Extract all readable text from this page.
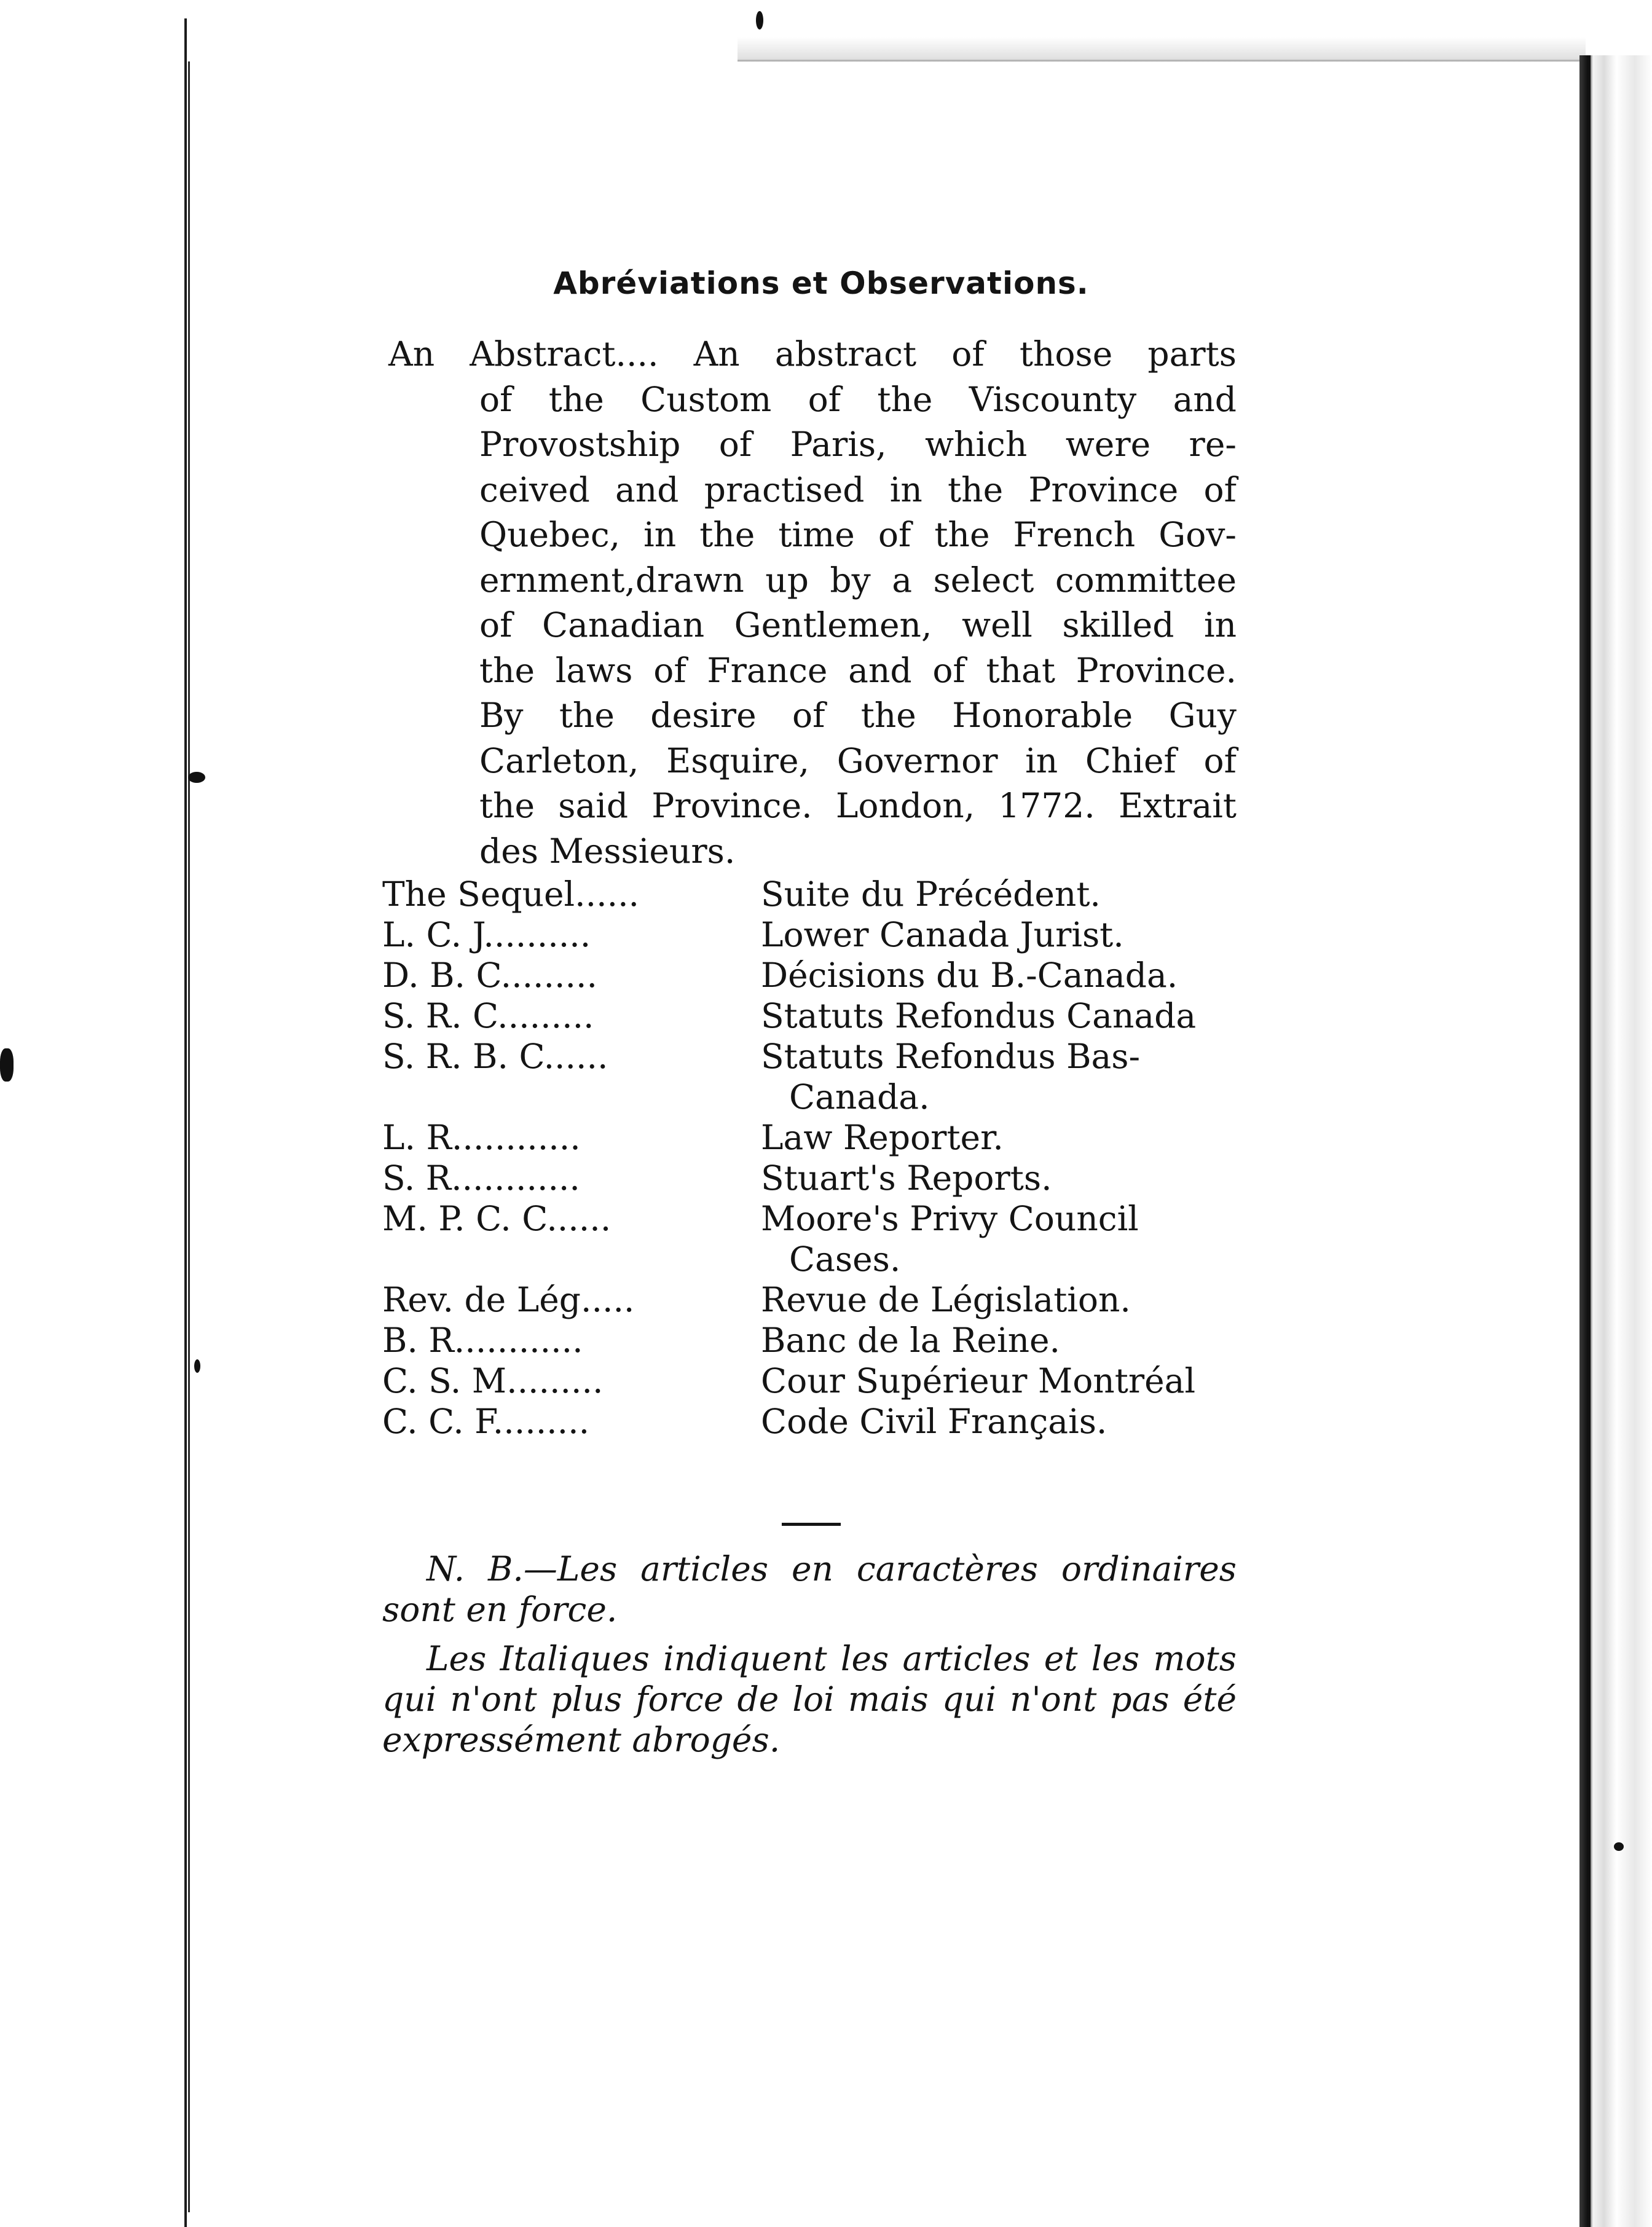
Abréviations et Observations.
An Abstract.... An abstract of those parts
of the Custom of the Viscounty and
Provostship of Paris, which were re-
ceived and practised in the Province of
Quebec, in the time of the French Gov-
ernment,drawn up by a select committee
of Canadian Gentlemen, well skilled in
the laws of France and of that Province.
By the desire of the Honorable Guy
Carleton, Esquire, Governor in Chief of
the said Province. London, 1772. Extrait
des Messieurs.
The Sequel......	Suite du Précédent.
L. C. J..........	Lower Canada Jurist.
D. B. C.........	Décisions du B.-Canada.
S. R. C.........	Statuts Refondus Canada
S. R. B. C......	Statuts Refondus Bas-
Canada.
L. R............	Law Reporter.
S. R............	Stuart's Reports.
M. P. C. C......	Moore's Privy Council
Cases.
Rev. de Lég.....	Revue de Législation.
B. R............	Banc de la Reine.
C. S. M.........	Cour Supérieur Montréal
C. C. F.........	Code Civil Français.

N. B.—Les articles en caractères ordinaires sont en force.

Les Italiques indiquent les articles et les mots qui n'ont plus force de loi mais qui n'ont pas été expressément abrogés.
